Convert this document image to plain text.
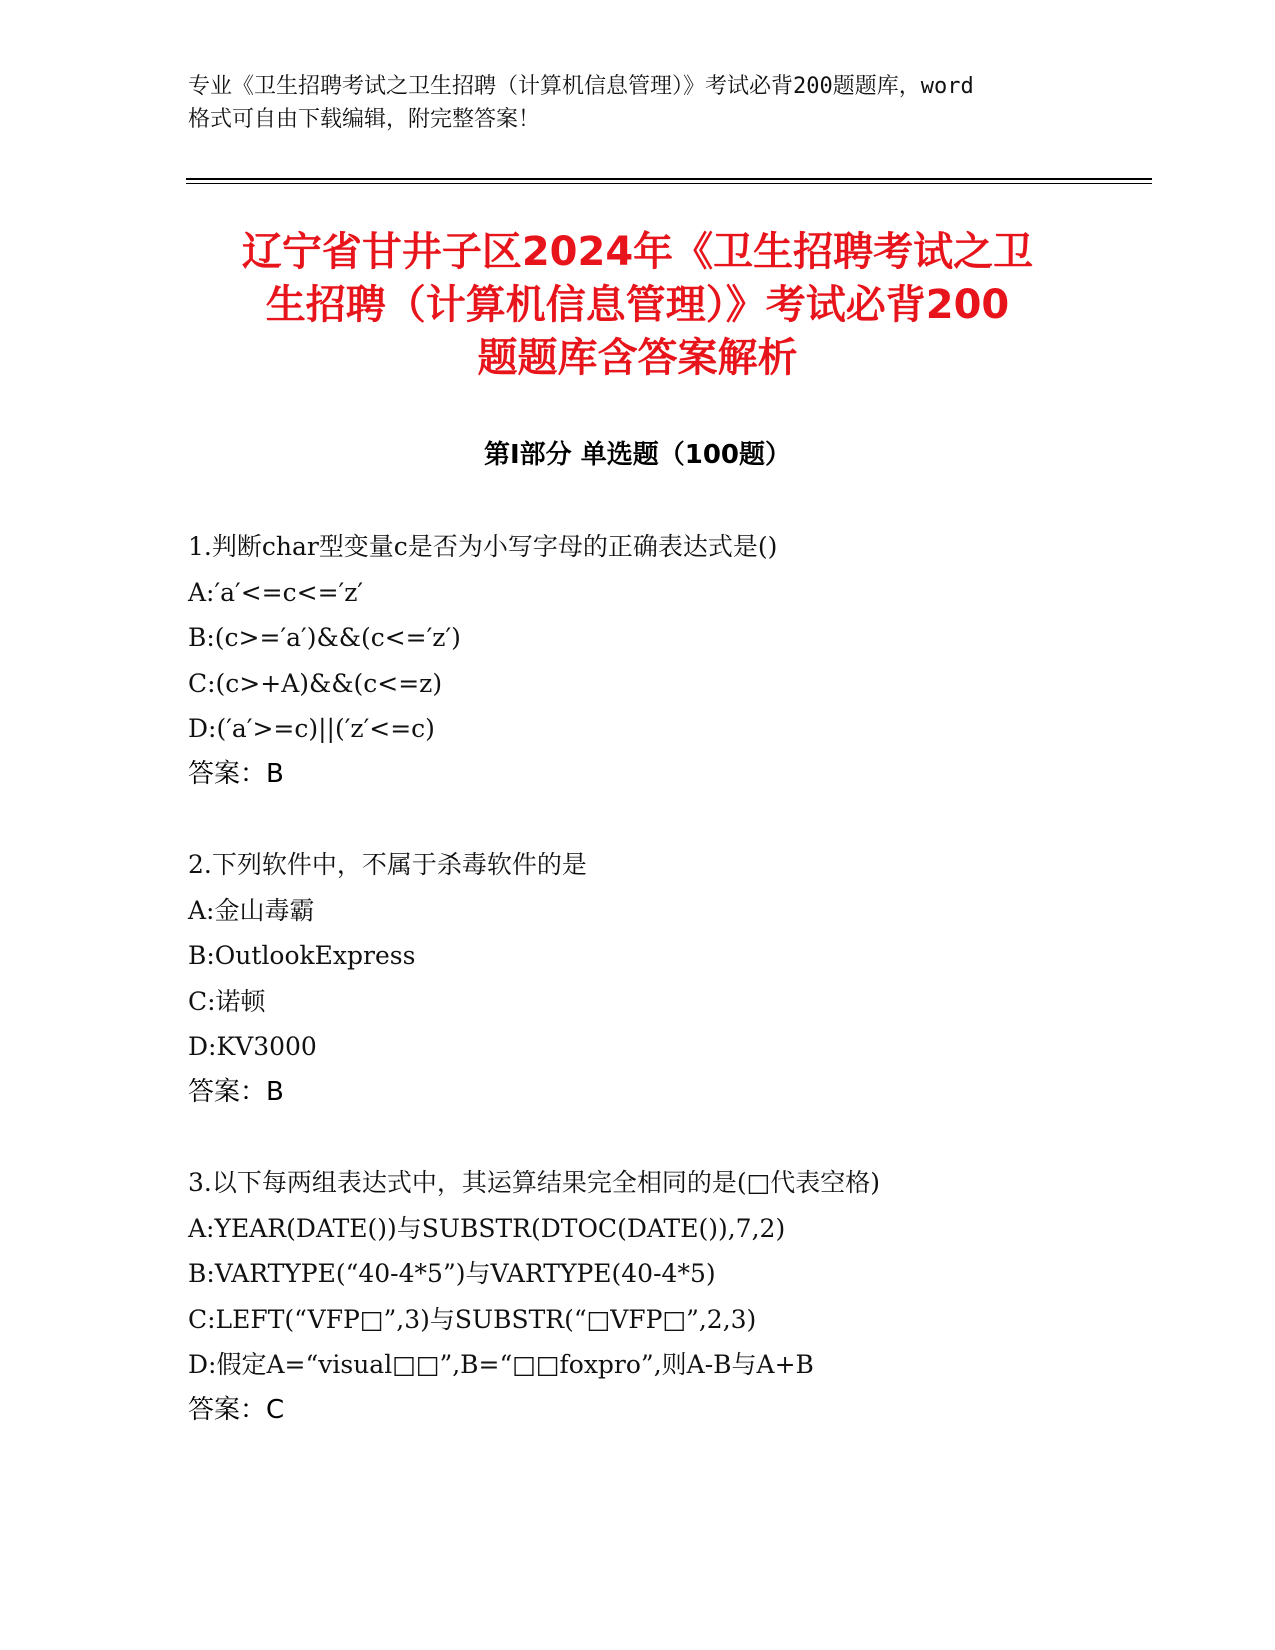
专业《卫生招聘考试之卫生招聘（计算机信息管理）》考试必背200题题库，word
格式可自由下载编辑，附完整答案！
辽宁省甘井子区2024年《卫生招聘考试之卫
生招聘（计算机信息管理）》考试必背200
题题库含答案解析
第Ⅰ部分 单选题（100题）
1.判断char型变量c是否为小写字母的正确表达式是()
A:′a′<=c<=′z′
B:(c>=′a′)&&(c<=′z′)
C:(c>+A)&&(c<=z)
D:(′a′>=c)||(′z′<=c)
答案：B
2.下列软件中，不属于杀毒软件的是
A:金山毒霸
B:OutlookExpress
C:诺顿
D:KV3000
答案：B
3.以下每两组表达式中，其运算结果完全相同的是(□代表空格)
A:YEAR(DATE())与SUBSTR(DTOC(DATE()),7,2)
B:VARTYPE(“40-4*5”)与VARTYPE(40-4*5)
C:LEFT(“VFP□”,3)与SUBSTR(“□VFP□”,2,3)
D:假定A=“visual□□”,B=“□□foxpro”,则A-B与A+B
答案：C
